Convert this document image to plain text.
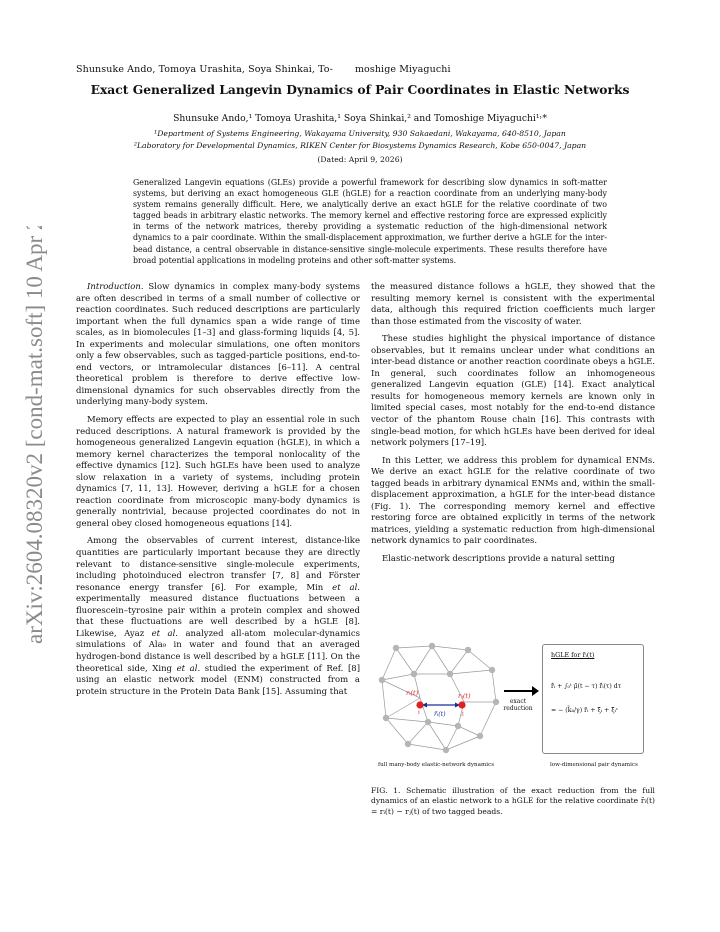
Shunsuke Ando, Tomoya Urashita, Soya Shinkai, To- moshige Miyaguchi
Exact Generalized Langevin Dynamics of Pair Coordinates in Elastic Networks
Shunsuke Ando,¹ Tomoya Urashita,¹ Soya Shinkai,² and Tomoshige Miyaguchi¹˒*
¹Department of Systems Engineering, Wakayama University, 930 Sakaedani, Wakayama, 640-8510, Japan
²Laboratory for Developmental Dynamics, RIKEN Center for Biosystems Dynamics Research, Kobe 650-0047, Japan
(Dated: April 9, 2026)
Generalized Langevin equations (GLEs) provide a powerful framework for describing slow dynamics in soft-matter systems, but deriving an exact homogeneous GLE (hGLE) for a reaction coordinate from an underlying many-body system remains generally difficult. Here, we analytically derive an exact hGLE for the relative coordinate of two tagged beads in arbitrary elastic networks. The memory kernel and effective restoring force are expressed explicitly in terms of the network matrices, thereby providing a systematic reduction of the high-dimensional network dynamics to a pair coordinate. Within the small-displacement approximation, we further derive a hGLE for the inter-bead distance, a central observable in distance-sensitive single-molecule experiments. These results therefore have broad potential applications in modeling proteins and other soft-matter systems.
arXiv:2604.08320v2 [cond-mat.soft] 10 Apr 2026	Introduction. Slow dynamics in complex many-body systems are often described in terms of a small number of collective or reaction coordinates. Such reduced descriptions are particularly important when the full dynamics span a wide range of time scales, as in biomolecules [1–3] and glass-forming liquids [4, 5]. In experiments and molecular simulations, one often monitors only a few observables, such as tagged-particle positions, end-to-end vectors, or intramolecular distances [6–11]. A central theoretical problem is therefore to derive effective low-dimensional dynamics for such observables directly from the underlying many-body system.

Memory effects are expected to play an essential role in such reduced descriptions. A natural framework is provided by the homogeneous generalized Langevin equation (hGLE), in which a memory kernel characterizes the temporal nonlocality of the effective dynamics [12]. Such hGLEs have been used to analyze slow relaxation in a variety of systems, including protein dynamics [7, 11, 13]. However, deriving a hGLE for a chosen reaction coordinate from microscopic many-body dynamics is generally nontrivial, because projected coordinates do not in general obey closed homogeneous equations [14].

Among the observables of current interest, distance-like quantities are particularly important because they are directly relevant to distance-sensitive single-molecule experiments, including photoinduced electron transfer [7, 8] and Förster resonance energy transfer [6]. For example, Min et al. experimentally measured distance fluctuations between a fluorescein–tyrosine pair within a protein complex and showed that these fluctuations are well described by a hGLE [8]. Likewise, Ayaz et al. analyzed all-atom molecular-dynamics simulations of Ala₉ in water and found that an averaged hydrogen-bond distance is well described by a hGLE [11]. On the theoretical side, Xing et al. studied the experiment of Ref. [8] using an elastic network model (ENM) constructed from a protein structure in the Protein Data Bank [15]. Assuming that

the measured distance follows a hGLE, they showed that the resulting memory kernel is consistent with the experimental data, although this required friction coefficients much larger than those estimated from the viscosity of water.

These studies highlight the physical importance of distance observables, but it remains unclear under what conditions an inter-bead distance or another reaction coordinate obeys a hGLE. In general, such coordinates follow an inhomogeneous generalized Langevin equation (GLE) [14]. Exact analytical results for homogeneous memory kernels are known only in limited special cases, most notably for the end-to-end distance vector of the phantom Rouse chain [16]. This contrasts with single-bead motion, for which hGLEs have been derived for ideal network polymers [17–19].

In this Letter, we address this problem for dynamical ENMs. We derive an exact hGLE for the relative coordinate of two tagged beads in arbitrary dynamical ENMs and, within the small-displacement approximation, a hGLE for the inter-bead distance (Fig. 1). The corresponding memory kernel and effective restoring force are obtained explicitly in terms of the network matrices, yielding a systematic reduction from high-dimensional network dynamics to pair coordinates.

Elastic-network descriptions provide a natural setting

rᵢ(t)	rⱼ(t)
r̃ᵢ(t)
i	j
full many-body elastic-network dynamics
exact reduction
hGLE for r̃ᵢ(t)
r̃̇ᵢ + ∫₀ᵗ μ̃(t − τ) r̃̇ᵢ(τ) dτ
= − (k̃ᵢᵢ/γ) r̃ᵢ + ξ̃ᵢ + ξ̃ᵢᶜ
low-dimensional pair dynamics
FIG. 1. Schematic illustration of the exact reduction from the full dynamics of an elastic network to a hGLE for the relative coordinate r̃ᵢ(t) = rᵢ(t) − rⱼ(t) of two tagged beads.
